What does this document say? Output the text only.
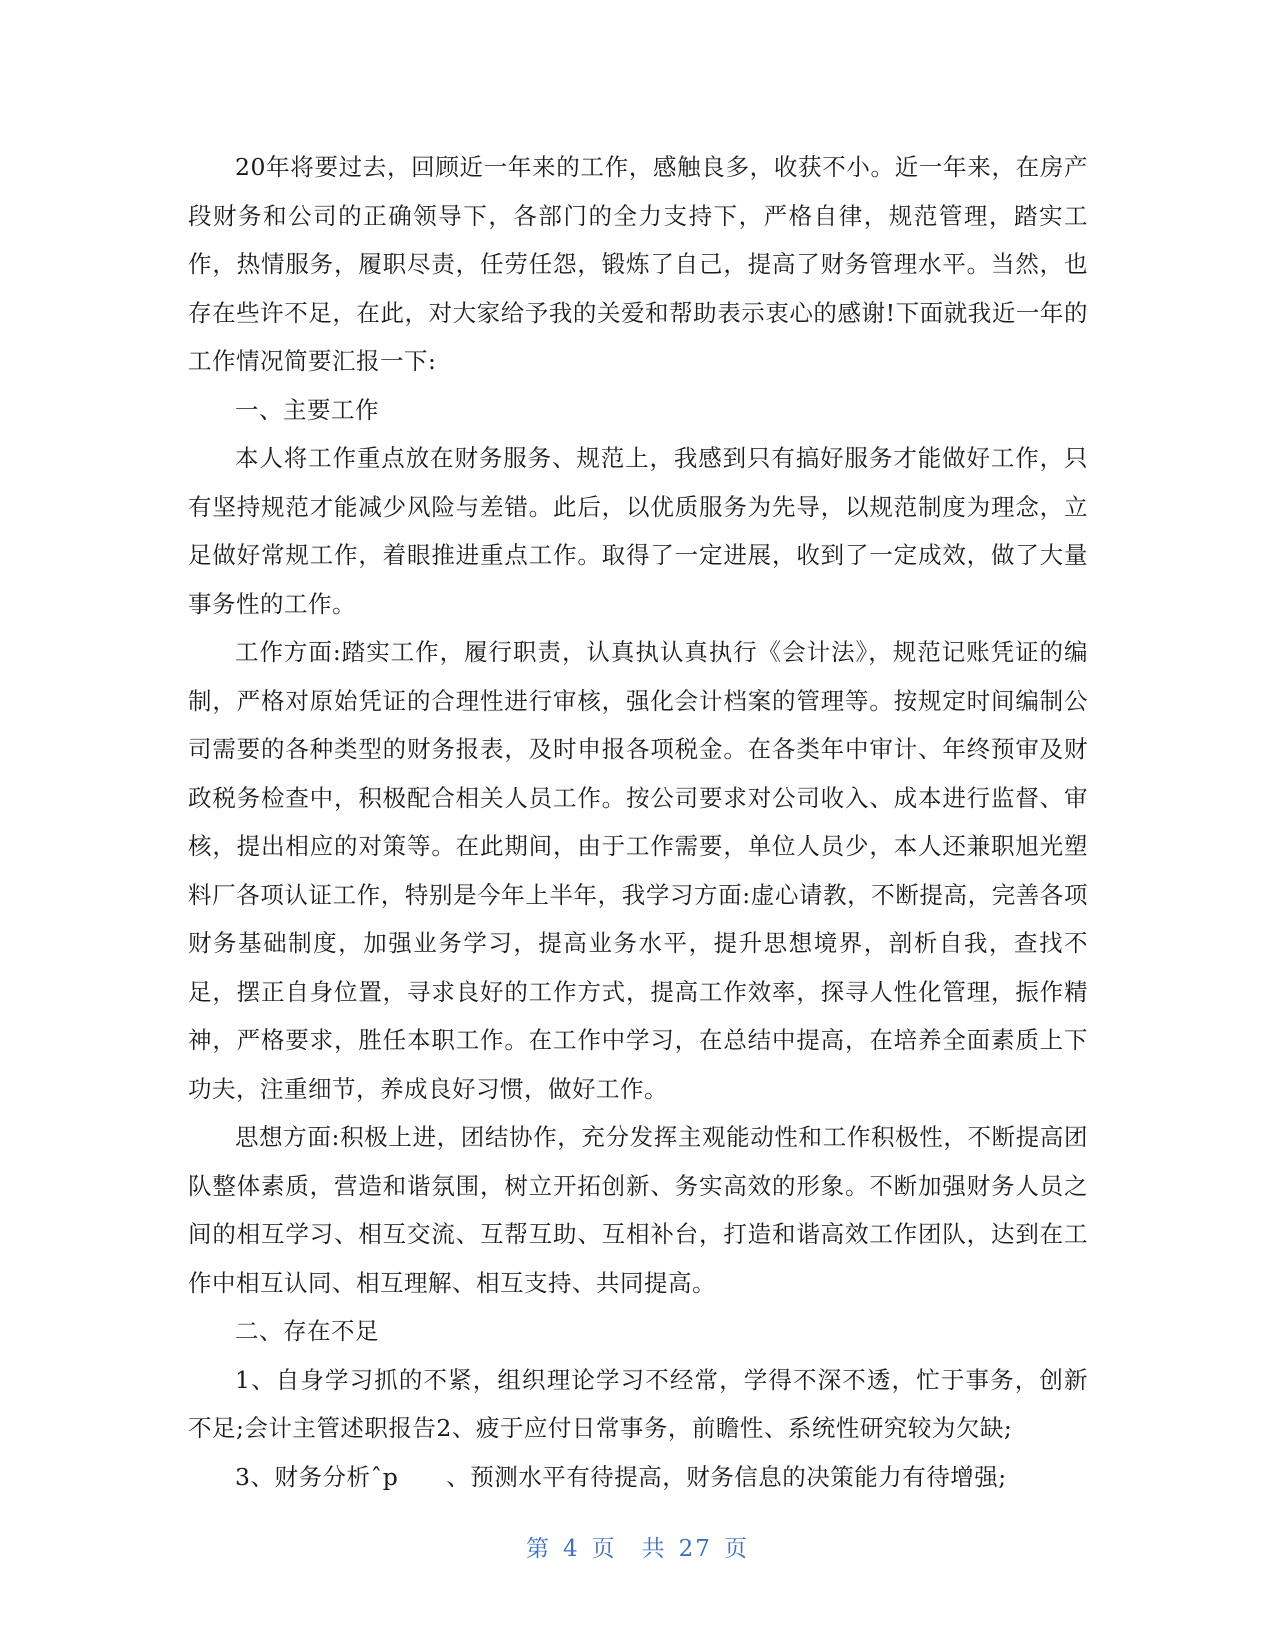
20年将要过去，回顾近一年来的工作，感触良多，收获不小。近一年来，在房产段财务和公司的正确领导下，各部门的全力支持下，严格自律，规范管理，踏实工作，热情服务，履职尽责，任劳任怨，锻炼了自己，提高了财务管理水平。当然，也存在些许不足，在此，对大家给予我的关爱和帮助表示衷心的感谢!下面就我近一年的工作情况简要汇报一下:

一、主要工作

本人将工作重点放在财务服务、规范上，我感到只有搞好服务才能做好工作，只有坚持规范才能减少风险与差错。此后，以优质服务为先导，以规范制度为理念，立足做好常规工作，着眼推进重点工作。取得了一定进展，收到了一定成效，做了大量事务性的工作。

工作方面:踏实工作，履行职责，认真执认真执行《会计法》，规范记账凭证的编制，严格对原始凭证的合理性进行审核，强化会计档案的管理等。按规定时间编制公司需要的各种类型的财务报表，及时申报各项税金。在各类年中审计、年终预审及财政税务检查中，积极配合相关人员工作。按公司要求对公司收入、成本进行监督、审核，提出相应的对策等。在此期间，由于工作需要，单位人员少，本人还兼职旭光塑料厂各项认证工作，特别是今年上半年，我学习方面:虚心请教，不断提高，完善各项财务基础制度，加强业务学习，提高业务水平，提升思想境界，剖析自我，查找不足，摆正自身位置，寻求良好的工作方式，提高工作效率，探寻人性化管理，振作精神，严格要求，胜任本职工作。在工作中学习，在总结中提高，在培养全面素质上下功夫，注重细节，养成良好习惯，做好工作。

思想方面:积极上进，团结协作，充分发挥主观能动性和工作积极性，不断提高团队整体素质，营造和谐氛围，树立开拓创新、务实高效的形象。不断加强财务人员之间的相互学习、相互交流、互帮互助、互相补台，打造和谐高效工作团队，达到在工作中相互认同、相互理解、相互支持、共同提高。

二、存在不足

1、自身学习抓的不紧，组织理论学习不经常，学得不深不透，忙于事务，创新不足;会计主管述职报告2、疲于应付日常事务，前瞻性、系统性研究较为欠缺;

3、财务分析ˆp　　、预测水平有待提高，财务信息的决策能力有待增强;

第 4 页　共 27 页
